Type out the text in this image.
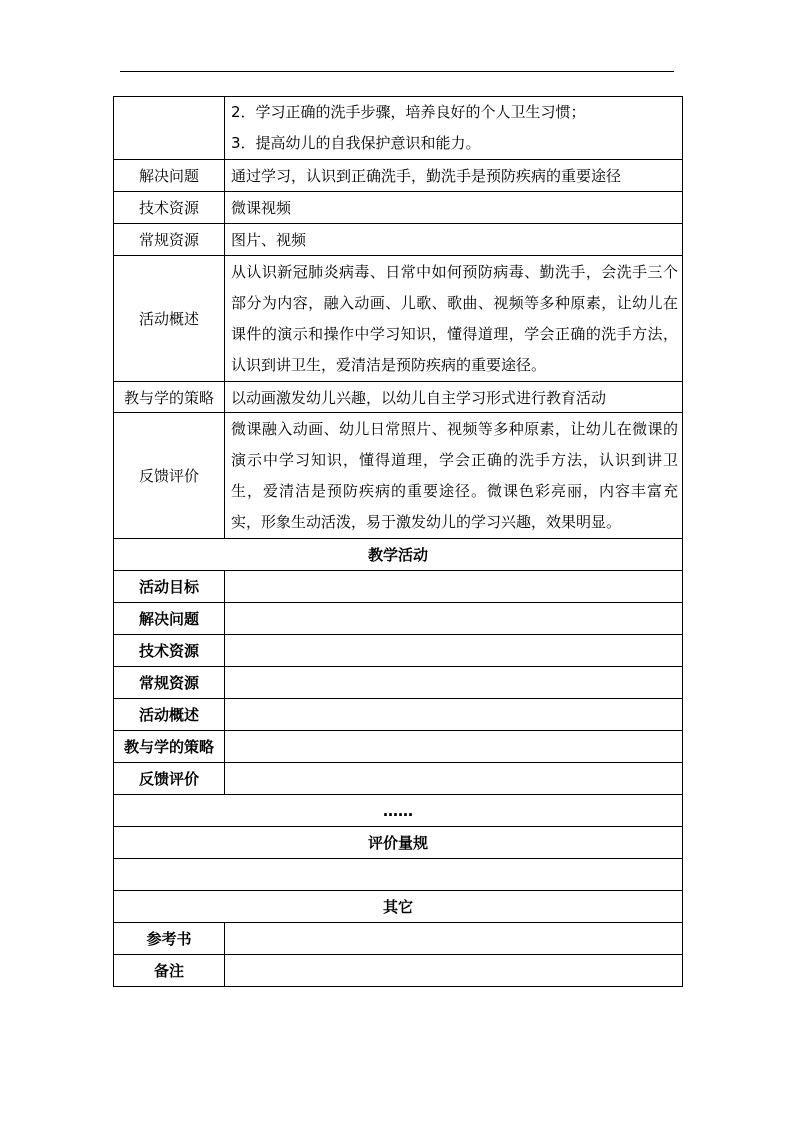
	2．学习正确的洗手步骤，培养良好的个人卫生习惯；
3．提高幼儿的自我保护意识和能力。

解决问题	通过学习，认识到正确洗手，勤洗手是预防疾病的重要途径
技术资源	微课视频
常规资源	图片、视频
活动概述	从认识新冠肺炎病毒、日常中如何预防病毒、勤洗手，会洗手三个部分为内容，融入动画、儿歌、歌曲、视频等多种原素，让幼儿在课件的演示和操作中学习知识，懂得道理，学会正确的洗手方法，认识到讲卫生，爱清洁是预防疾病的重要途径。
教与学的策略	以动画激发幼儿兴趣，以幼儿自主学习形式进行教育活动
反馈评价	微课融入动画、幼儿日常照片、视频等多种原素，让幼儿在微课的演示中学习知识，懂得道理，学会正确的洗手方法，认识到讲卫生，爱清洁是预防疾病的重要途径。微课色彩亮丽，内容丰富充实，形象生动活泼，易于激发幼儿的学习兴趣，效果明显。
教学活动	
活动目标	
解决问题	
技术资源	
常规资源	
活动概述	
教与学的策略	
反馈评价	
……	
评价量规	

其它	
参考书	
备注	
